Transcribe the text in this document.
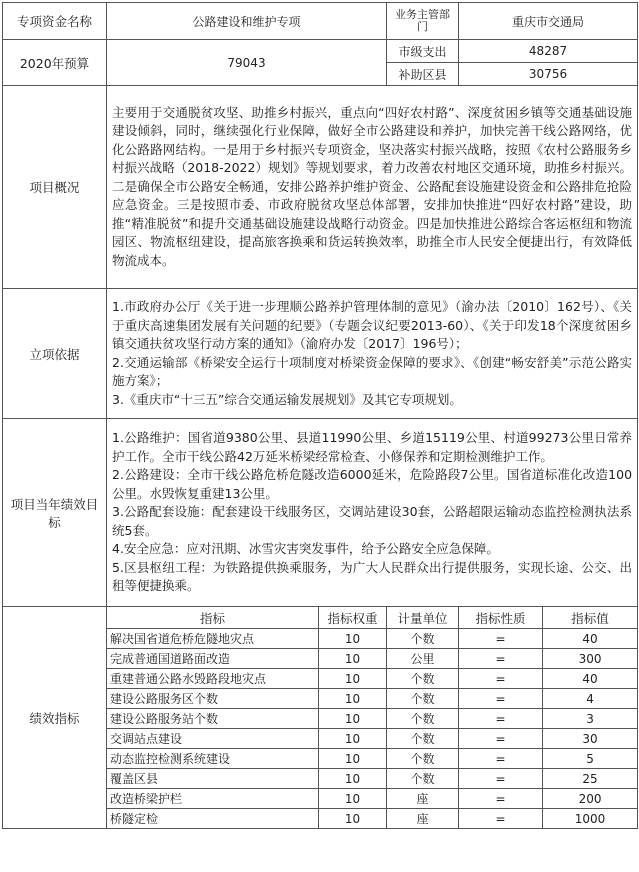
专项资金名称	公路建设和维护专项		业务主管部门	重庆市交通局	
2020年预算	79043		市级支出	48287	
			补助区县	30756	
项目概况	主要用于交通脱贫攻坚、助推乡村振兴，重点向“四好农村路”、深度贫困乡镇等交通基础设施建设倾斜，同时，继续强化行业保障，做好全市公路建设和养护，加快完善干线公路网络，优化公路路网结构。一是用于乡村振兴专项资金，坚决落实村振兴战略，按照《农村公路服务乡村振兴战略（2018-2022）规划》等规划要求，着力改善农村地区交通环境，助推乡村振兴。二是确保全市公路安全畅通，安排公路养护维护资金、公路配套设施建设资金和公路排危抢险应急资金。三是按照市委、市政府脱贫攻坚总体部署，安排加快推进“四好农村路”建设，助推“精准脱贫”和提升交通基础设施建设战略行动资金。四是加快推进公路综合客运枢纽和物流园区、物流枢纽建设，提高旅客换乘和货运转换效率，助推全市人民安全便捷出行，有效降低物流成本。				
立项依据	1.市政府办公厅《关于进一步理顺公路养护管理体制的意见》（渝办法〔2010〕162号）、《关于重庆高速集团发展有关问题的纪要》（专题会议纪要2013-60）、《关于印发18个深度贫困乡镇交通扶贫攻坚行动方案的通知》（渝府办发〔2017〕196号）；
2.交通运输部《桥梁安全运行十项制度对桥梁资金保障的要求》、《创建“畅安舒美”示范公路实施方案》；
3.《重庆市“十三五”综合交通运输发展规划》及其它专项规划。				

项目当年绩效目标	1.公路维护：国省道9380公里、县道11990公里、乡道15119公里、村道99273公里日常养护工作。全市干线公路42万延米桥梁经常检查、小修保养和定期检测维护工作。
2.公路建设：全市干线公路危桥危隧改造6000延米，危险路段7公里。国省道标准化改造100公里。水毁恢复重建13公里。
3.公路配套设施：配套建设干线服务区，交调站建设30套，公路超限运输动态监控检测执法系统5套。
4.安全应急：应对汛期、冰雪灾害突发事件，给予公路安全应急保障。
5.区县枢纽工程：为铁路提供换乘服务，为广大人民群众出行提供服务，实现长途、公交、出租等便捷换乘。				

绩效指标	指标	指标权重	计量单位	指标性质	指标值
	解决国省道危桥危隧地灾点	10	个数	=	40
	完成普通国道路面改造	10	公里	=	300
	重建普通公路水毁路段地灾点	10	个数	=	40
	建设公路服务区个数	10	个数	=	4
	建设公路服务站个数	10	个数	=	3
	交调站点建设	10	个数	=	30
	动态监控检测系统建设	10	个数	=	5
	覆盖区县	10	个数	=	25
	改造桥梁护栏	10	座	=	200
	桥隧定检	10	座	=	1000
